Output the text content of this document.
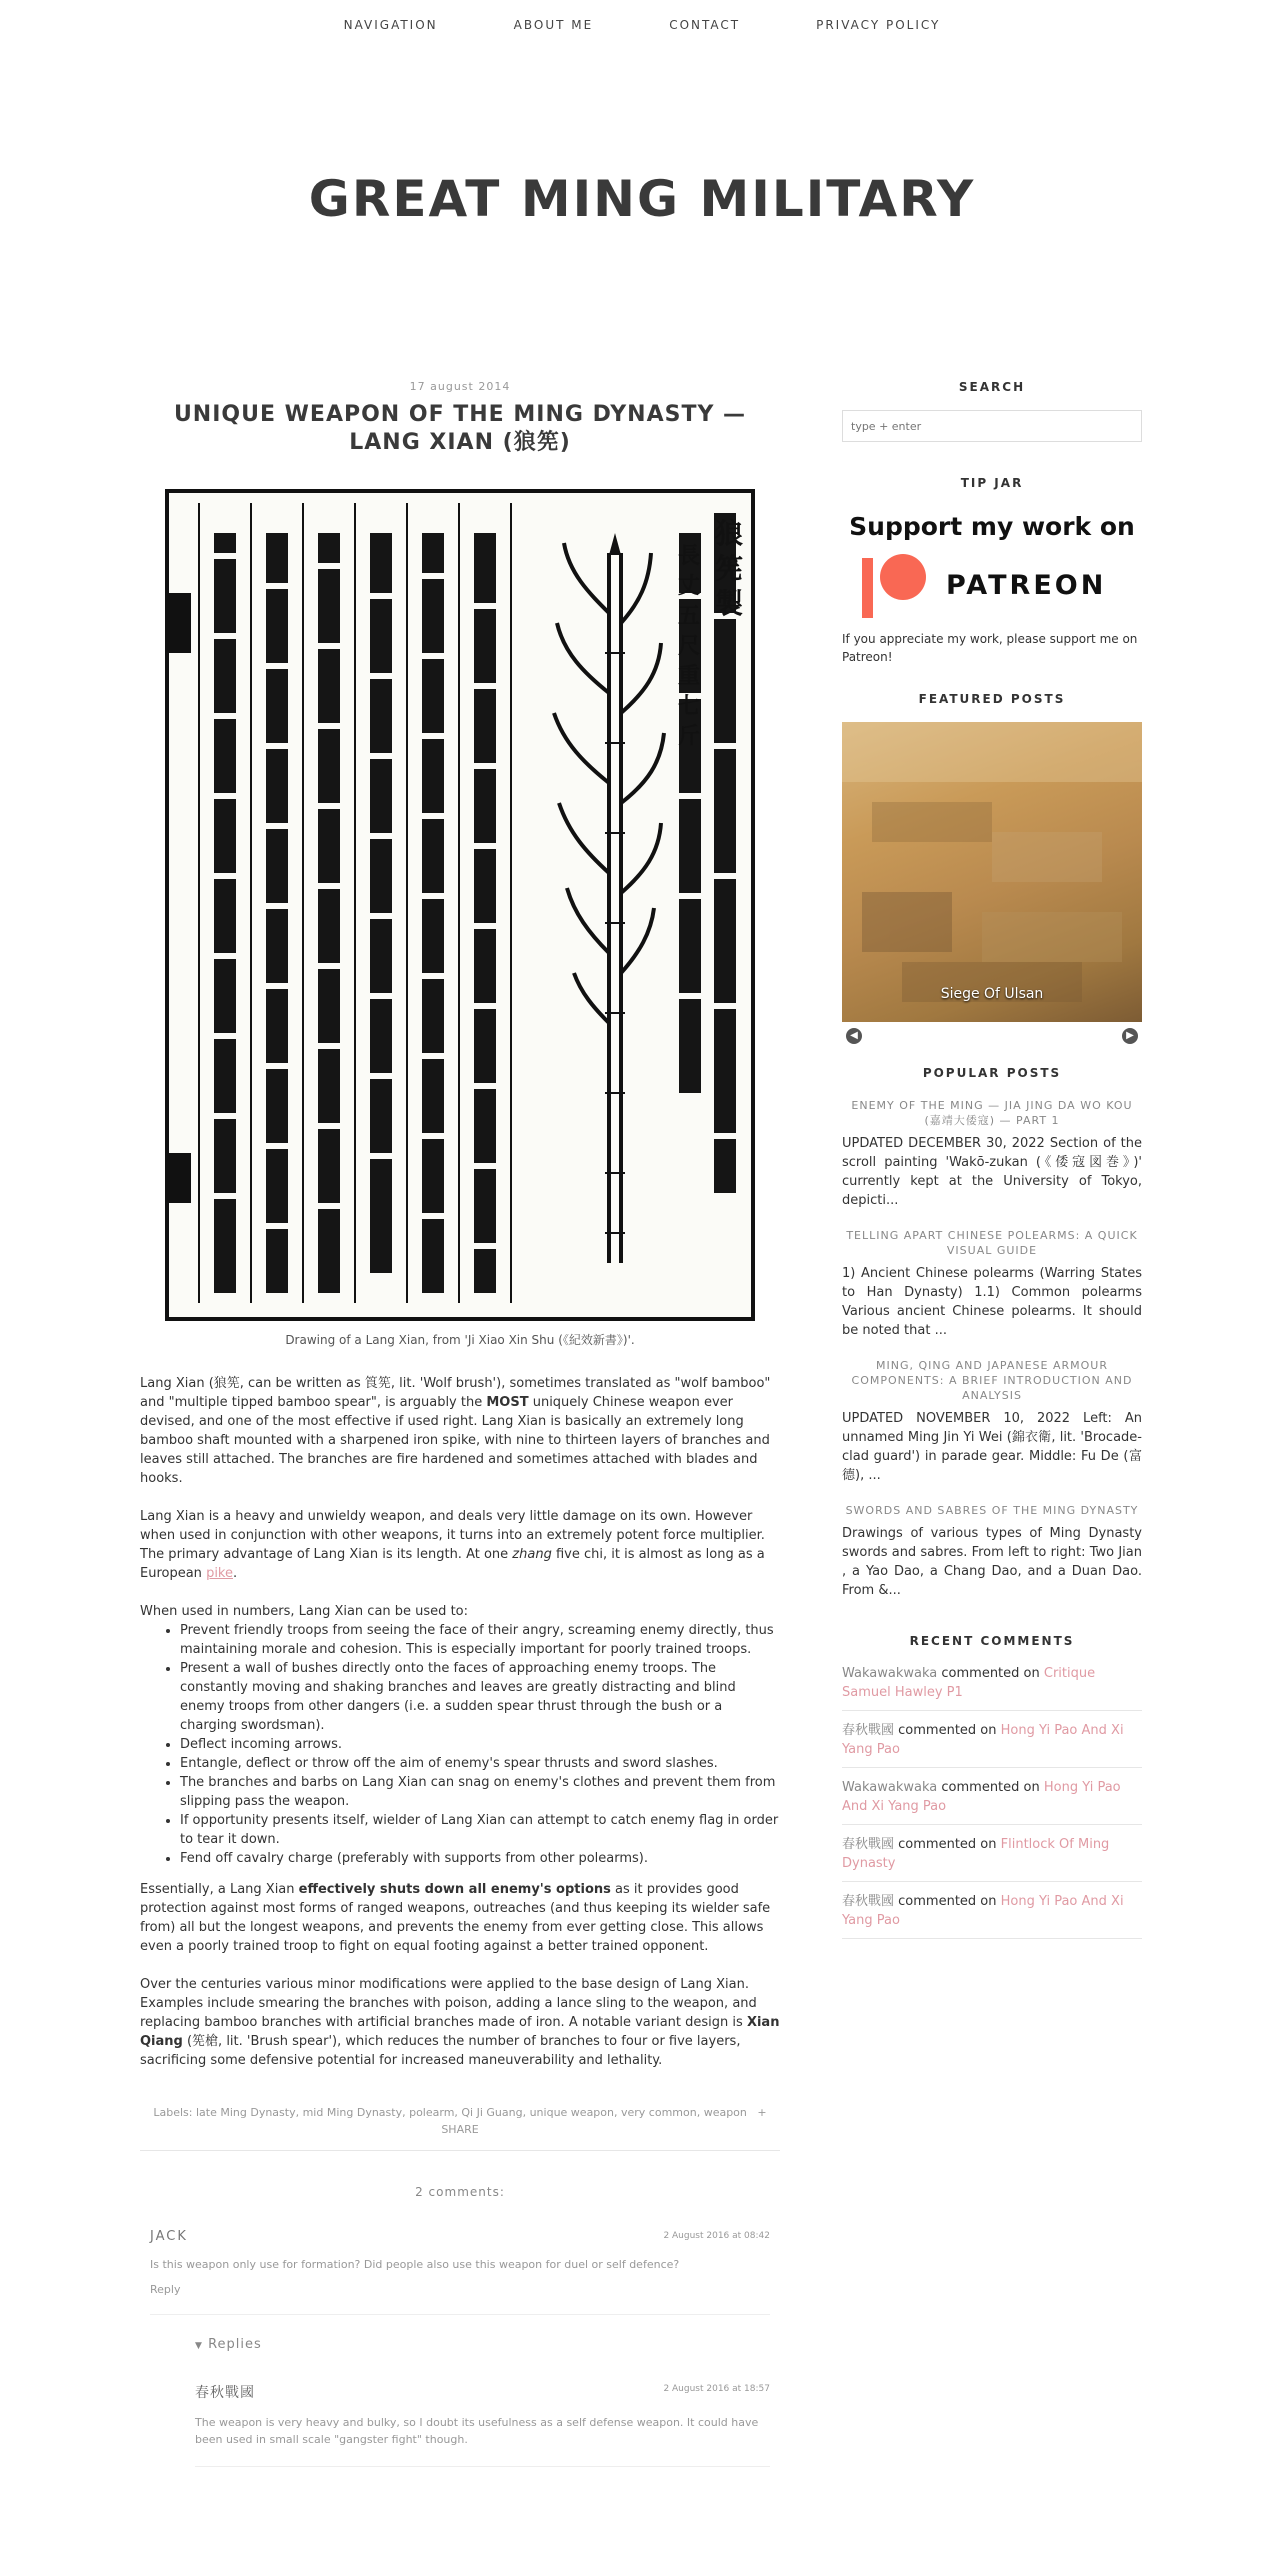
NAVIGATION	ABOUT ME	CONTACT	PRIVACY POLICY
GREAT MING MILITARY
17 august 2014
UNIQUE WEAPON OF THE MING DYNASTY — LANG XIAN (狼筅)
狼
筅
製
長
丈
五
尺
重
七
斤
Drawing of a Lang Xian, from 'Ji Xiao Xin Shu (《紀效新書》)'.

Lang Xian (狼筅, can be written as 筤筅, lit. 'Wolf brush'), sometimes translated as "wolf bamboo" and "multiple tipped bamboo spear", is arguably the MOST uniquely Chinese weapon ever devised, and one of the most effective if used right. Lang Xian is basically an extremely long bamboo shaft mounted with a sharpened iron spike, with nine to thirteen layers of branches and leaves still attached. The branches are fire hardened and sometimes attached with blades and hooks.

Lang Xian is a heavy and unwieldy weapon, and deals very little damage on its own. However when used in conjunction with other weapons, it turns into an extremely potent force multiplier. The primary advantage of Lang Xian is its length. At one zhang five chi, it is almost as long as a European pike.

When used in numbers, Lang Xian can be used to:
• Prevent friendly troops from seeing the face of their angry, screaming enemy directly, thus maintaining morale and cohesion. This is especially important for poorly trained troops.
• Present a wall of bushes directly onto the faces of approaching enemy troops. The constantly moving and shaking branches and leaves are greatly distracting and blind enemy troops from other dangers (i.e. a sudden spear thrust through the bush or a charging swordsman).
• Deflect incoming arrows.
• Entangle, deflect or throw off the aim of enemy's spear thrusts and sword slashes.
• The branches and barbs on Lang Xian can snag on enemy's clothes and prevent them from slipping pass the weapon.
• If opportunity presents itself, wielder of Lang Xian can attempt to catch enemy flag in order to tear it down.
• Fend off cavalry charge (preferably with supports from other polearms).

Essentially, a Lang Xian effectively shuts down all enemy's options as it provides good protection against most forms of ranged weapons, outreaches (and thus keeping its wielder safe from) all but the longest weapons, and prevents the enemy from ever getting close. This allows even a poorly trained troop to fight on equal footing against a better trained opponent.

Over the centuries various minor modifications were applied to the base design of Lang Xian. Examples include smearing the branches with poison, adding a lance sling to the weapon, and replacing bamboo branches with artificial branches made of iron. A notable variant design is Xian Qiang (筅槍, lit. 'Brush spear'), which reduces the number of branches to four or five layers, sacrificing some defensive potential for increased maneuverability and lethality.

Labels: late Ming Dynasty, mid Ming Dynasty, polearm, Qi Ji Guang, unique weapon, very common, weapon + SHARE
2 comments:
JACK	2 August 2016 at 08:42
Is this weapon only use for formation? Did people also use this weapon for duel or self defence?
Reply
▼ Replies
春秋戰國	2 August 2016 at 18:57
The weapon is very heavy and bulky, so I doubt its usefulness as a self defense weapon. It could have been used in small scale "gangster fight" though.
SEARCH
type + enter
TIP JAR
Support my work on
PATREON
If you appreciate my work, please support me on Patreon!
FEATURED POSTS
Siege Of Ulsan
◀	▶
POPULAR POSTS
ENEMY OF THE MING — JIA JING DA WO KOU (嘉靖大倭寇) — PART 1
UPDATED DECEMBER 30, 2022 Section of the scroll painting 'Wakō-zukan (《倭寇図巻》)' currently kept at the University of Tokyo, depicti...
TELLING APART CHINESE POLEARMS: A QUICK VISUAL GUIDE
1) Ancient Chinese polearms (Warring States to Han Dynasty) 1.1) Common polearms Various ancient Chinese polearms. It should be noted that ...
MING, QING AND JAPANESE ARMOUR COMPONENTS: A BRIEF INTRODUCTION AND ANALYSIS
UPDATED NOVEMBER 10, 2022 Left: An unnamed Ming Jin Yi Wei (錦衣衛, lit. 'Brocade-clad guard') in parade gear. Middle: Fu De (富德), ...
SWORDS AND SABRES OF THE MING DYNASTY
Drawings of various types of Ming Dynasty swords and sabres. From left to right: Two Jian , a Yao Dao, a Chang Dao, and a Duan Dao. From &...
RECENT COMMENTS
Wakawakwaka commented on Critique Samuel Hawley P1
春秋戰國 commented on Hong Yi Pao And Xi Yang Pao
Wakawakwaka commented on Hong Yi Pao And Xi Yang Pao
春秋戰國 commented on Flintlock Of Ming Dynasty
春秋戰國 commented on Hong Yi Pao And Xi Yang Pao
